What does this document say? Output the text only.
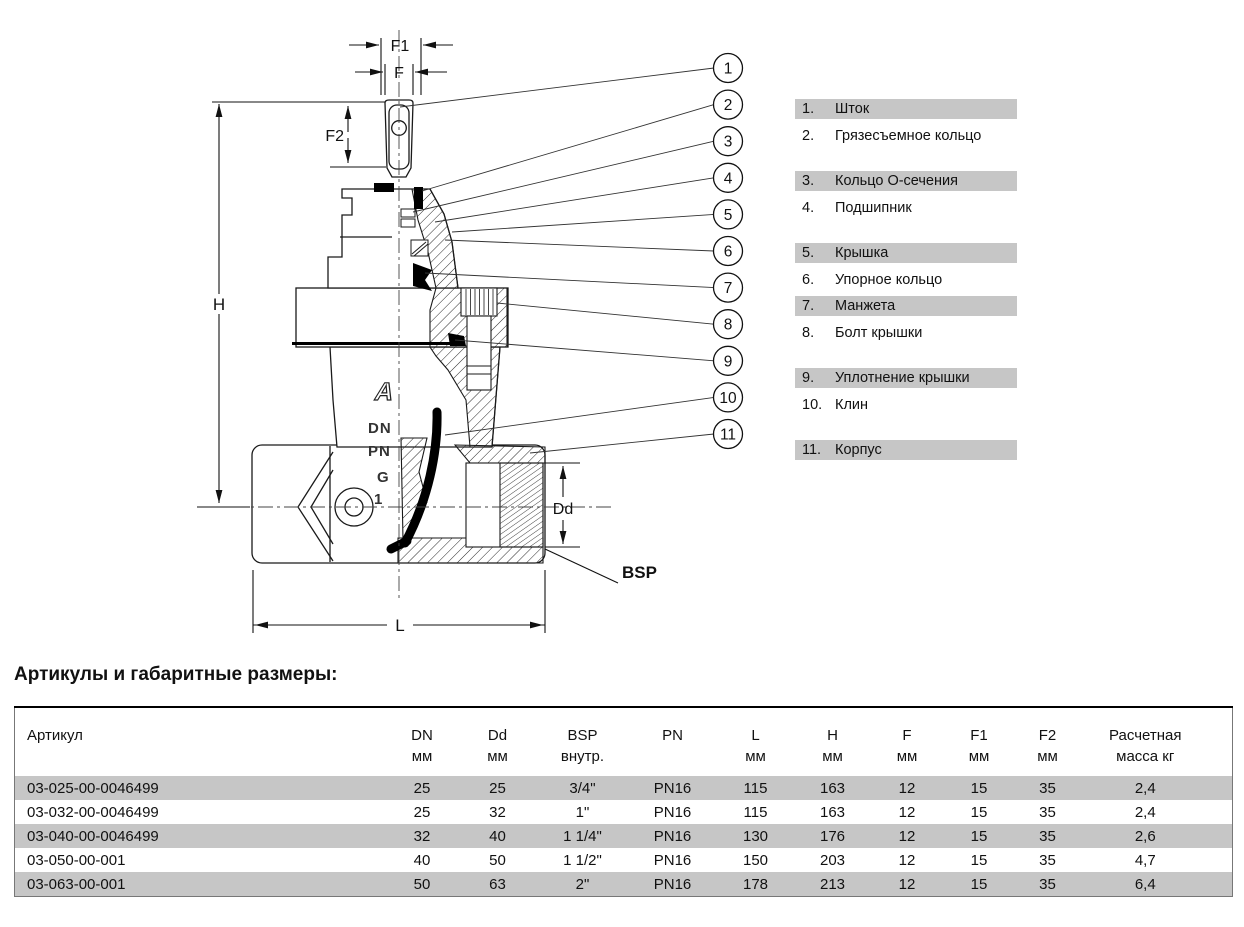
A
DN
PN
G
1
F1
F
F2
H
Dd
L
BSP
1
2
3
4
5
6
7
8
9
10
11
1. Шток
2. Грязесъемное кольцо
3. Кольцо О-сечения
4. Подшипник
5. Крышка
6. Упорное кольцо
7. Манжета
8. Болт крышки
9. Уплотнение крышки
10. Клин
11. Корпус
Артикулы и габаритные размеры:
Артикул	DN	Dd	BSP	PN	L	H	F	F1	F2	Расчетная
	мм	мм	внутр.		мм	мм	мм	мм	мм	масса кг
03-025-00-0046499	25	25	3/4"	PN16	115	163	12	15	35	2,4
03-032-00-0046499	25	32	1"	PN16	115	163	12	15	35	2,4
03-040-00-0046499	32	40	1 1/4"	PN16	130	176	12	15	35	2,6
03-050-00-001	40	50	1 1/2"	PN16	150	203	12	15	35	4,7
03-063-00-001	50	63	2"	PN16	178	213	12	15	35	6,4
